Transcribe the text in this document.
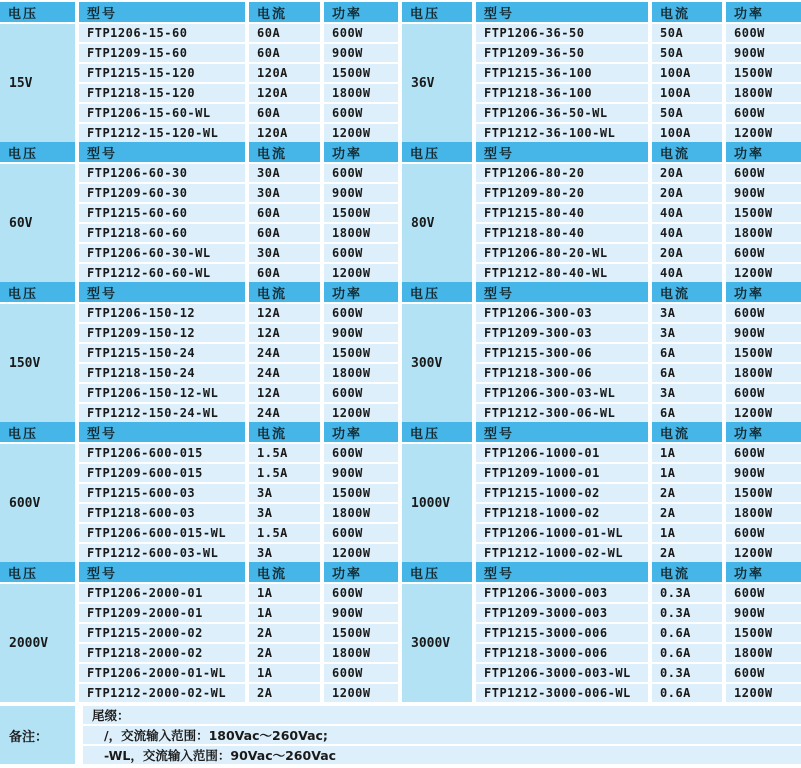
电压	型号	电流	功率
15V
FTP1206-15-60	60A	600W
FTP1209-15-60	60A	900W
FTP1215-15-120	120A	1500W
FTP1218-15-120	120A	1800W
FTP1206-15-60-WL	60A	600W
FTP1212-15-120-WL	120A	1200W
电压	型号	电流	功率
36V
FTP1206-36-50	50A	600W
FTP1209-36-50	50A	900W
FTP1215-36-100	100A	1500W
FTP1218-36-100	100A	1800W
FTP1206-36-50-WL	50A	600W
FTP1212-36-100-WL	100A	1200W
电压	型号	电流	功率
60V
FTP1206-60-30	30A	600W
FTP1209-60-30	30A	900W
FTP1215-60-60	60A	1500W
FTP1218-60-60	60A	1800W
FTP1206-60-30-WL	30A	600W
FTP1212-60-60-WL	60A	1200W
电压	型号	电流	功率
80V
FTP1206-80-20	20A	600W
FTP1209-80-20	20A	900W
FTP1215-80-40	40A	1500W
FTP1218-80-40	40A	1800W
FTP1206-80-20-WL	20A	600W
FTP1212-80-40-WL	40A	1200W
电压	型号	电流	功率
150V
FTP1206-150-12	12A	600W
FTP1209-150-12	12A	900W
FTP1215-150-24	24A	1500W
FTP1218-150-24	24A	1800W
FTP1206-150-12-WL	12A	600W
FTP1212-150-24-WL	24A	1200W
电压	型号	电流	功率
300V
FTP1206-300-03	3A	600W
FTP1209-300-03	3A	900W
FTP1215-300-06	6A	1500W
FTP1218-300-06	6A	1800W
FTP1206-300-03-WL	3A	600W
FTP1212-300-06-WL	6A	1200W
电压	型号	电流	功率
600V
FTP1206-600-015	1.5A	600W
FTP1209-600-015	1.5A	900W
FTP1215-600-03	3A	1500W
FTP1218-600-03	3A	1800W
FTP1206-600-015-WL	1.5A	600W
FTP1212-600-03-WL	3A	1200W
电压	型号	电流	功率
1000V
FTP1206-1000-01	1A	600W
FTP1209-1000-01	1A	900W
FTP1215-1000-02	2A	1500W
FTP1218-1000-02	2A	1800W
FTP1206-1000-01-WL	1A	600W
FTP1212-1000-02-WL	2A	1200W
电压	型号	电流	功率
2000V
FTP1206-2000-01	1A	600W
FTP1209-2000-01	1A	900W
FTP1215-2000-02	2A	1500W
FTP1218-2000-02	2A	1800W
FTP1206-2000-01-WL	1A	600W
FTP1212-2000-02-WL	2A	1200W
电压	型号	电流	功率
3000V
FTP1206-3000-003	0.3A	600W
FTP1209-3000-003	0.3A	900W
FTP1215-3000-006	0.6A	1500W
FTP1218-3000-006	0.6A	1800W
FTP1206-3000-003-WL	0.3A	600W
FTP1212-3000-006-WL	0.6A	1200W
备注：
尾缀：
/，交流输入范围：180Vac～260Vac;
-WL，交流输入范围：90Vac～260Vac
